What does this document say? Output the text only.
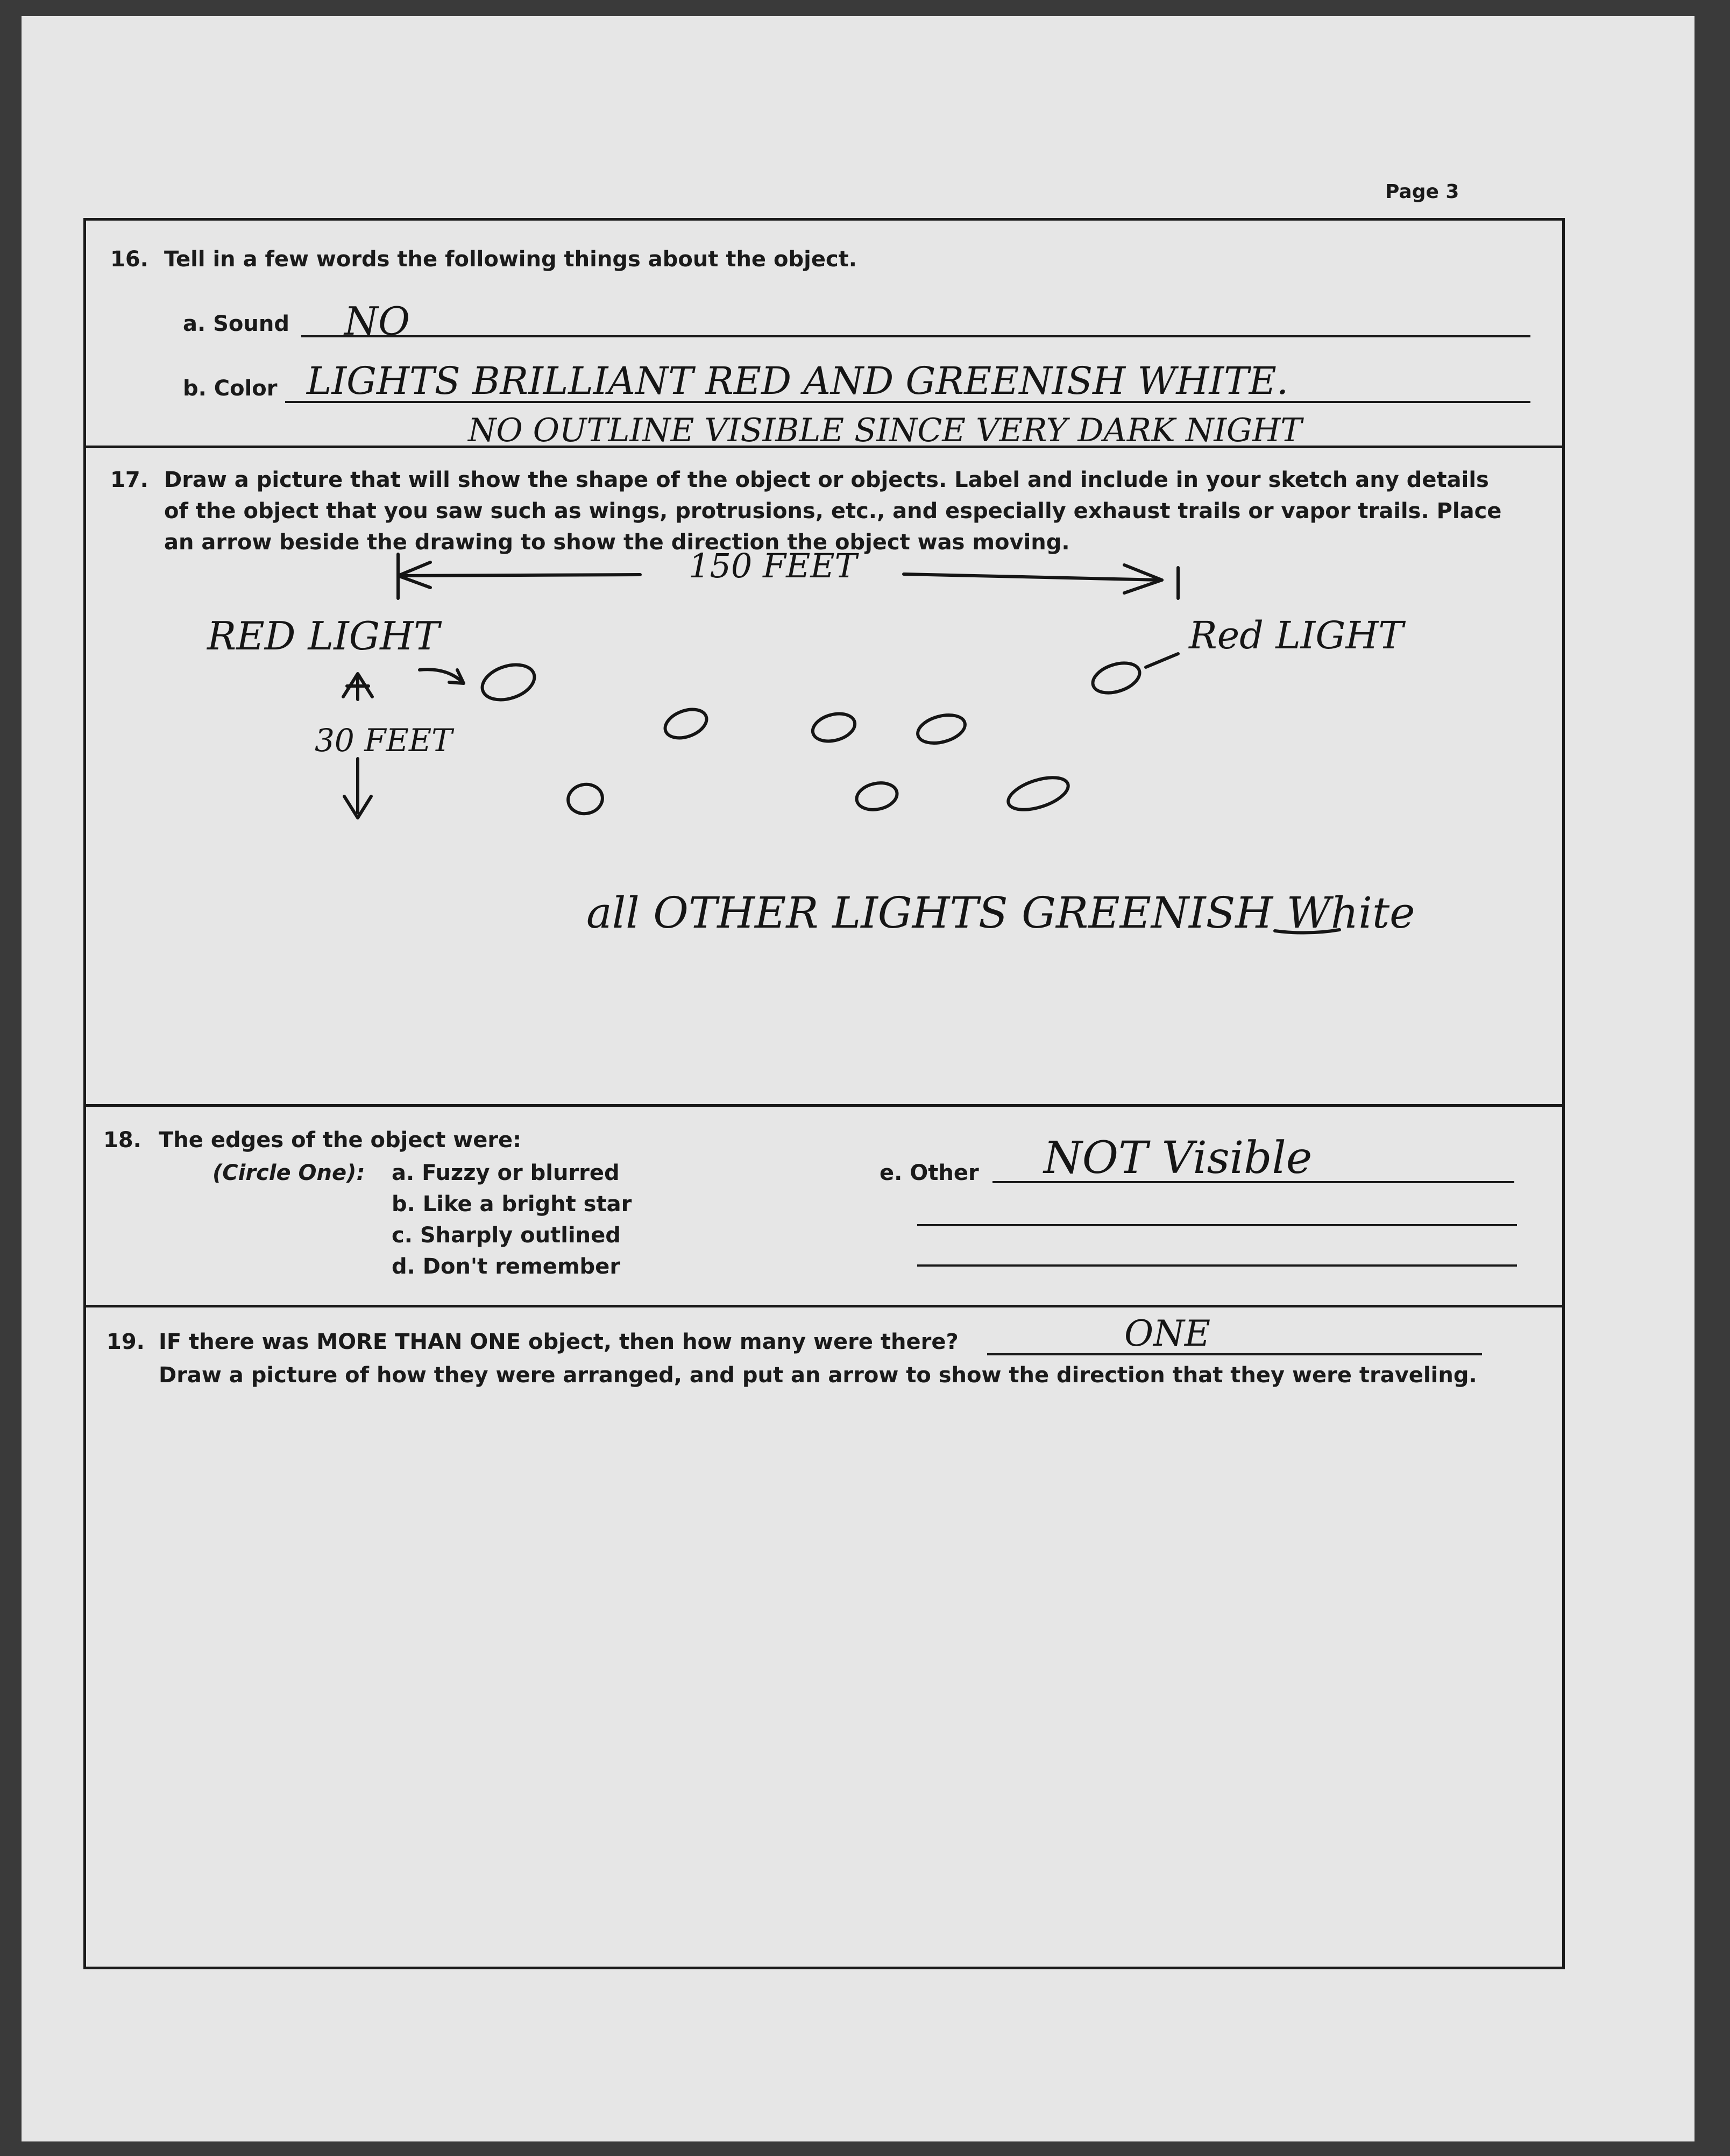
Page 3
16. Tell in a few words the following things about the object.
a. Sound NO
b. Color LIGHTS BRILLIANT RED AND GREENISH WHITE.
NO OUTLINE VISIBLE SINCE VERY DARK NIGHT
17. Draw a picture that will show the shape of the object or objects. Label and include in your sketch any details
of the object that you saw such as wings, protrusions, etc., and especially exhaust trails or vapor trails. Place
an arrow beside the drawing to show the direction the object was moving.
150 FEET
RED LIGHT	Red LIGHT
30 FEET
all OTHER LIGHTS GREENISH White
18. The edges of the object were:
(Circle One): a. Fuzzy or blurred
b. Like a bright star
c. Sharply outlined
d. Don't remember
e. Other NOT Visible
19. IF there was MORE THAN ONE object, then how many were there?	ONE
Draw a picture of how they were arranged, and put an arrow to show the direction that they were traveling.
